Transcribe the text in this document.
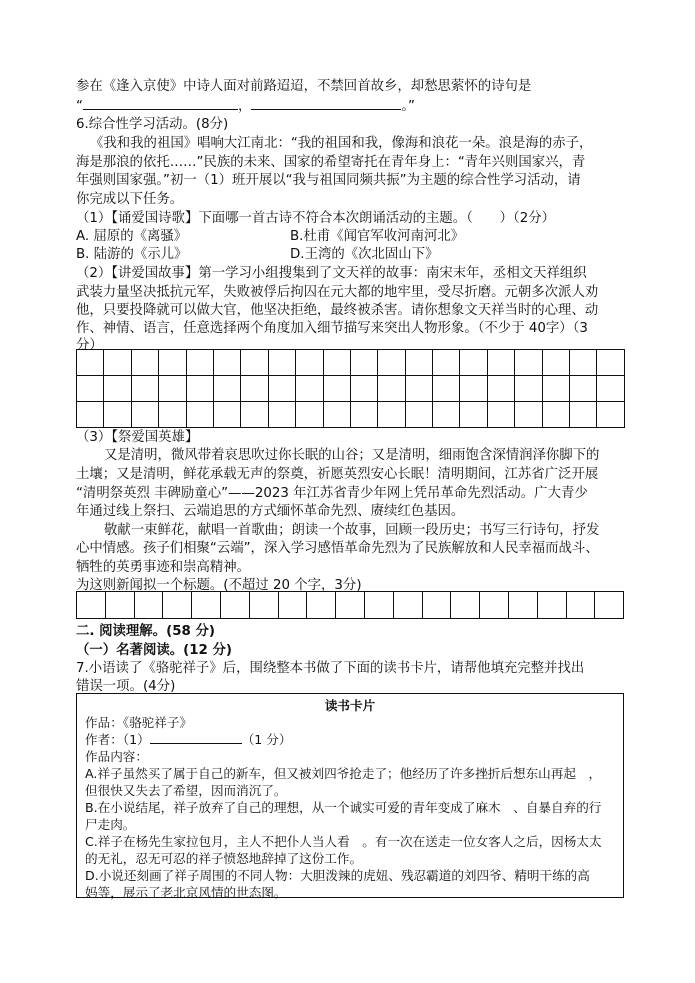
参在《逢入京使》中诗人面对前路迢迢，不禁回首故乡，却愁思萦怀的诗句是
“	，	。”
6.综合性学习活动。(8分)
《我和我的祖国》唱响大江南北：“我的祖国和我，像海和浪花一朵。浪是海的赤子，
海是那浪的依托……”民族的未来、国家的希望寄托在青年身上：“青年兴则国家兴，青
年强则国家强。”初一（1）班开展以“我与祖国同频共振”为主题的综合性学习活动，请
你完成以下任务。
（1）【诵爱国诗歌】下面哪一首古诗不符合本次朗诵活动的主题。（　　）（2分）
A. 屈原的《离骚》	B.杜甫《闻官军收河南河北》
B. 陆游的《示儿》	D.王湾的《次北固山下》
（2）【讲爱国故事】第一学习小组搜集到了文天祥的故事：南宋末年，丞相文天祥组织
武装力量坚决抵抗元军，失败被俘后拘囚在元大都的地牢里，受尽折磨。元朝多次派人劝
他，只要投降就可以做大官，他坚决拒绝，最终被杀害。请你想象文天祥当时的心理、动
作、神情、语言，任意选择两个角度加入细节描写来突出人物形象。（不少于 40字）（3
分）

（3）【祭爱国英雄】
又是清明，微风带着哀思吹过你长眠的山谷；又是清明，细雨饱含深情润泽你脚下的
土壤；又是清明，鲜花承载无声的祭奠，祈愿英烈安心长眠！清明期间，江苏省广泛开展
“清明祭英烈 丰碑励童心”——2023 年江苏省青少年网上凭吊革命先烈活动。广大青少
年通过线上祭扫、云端追思的方式缅怀革命先烈、赓续红色基因。
敬献一束鲜花，献唱一首歌曲；朗读一个故事，回顾一段历史；书写三行诗句，抒发
心中情感。孩子们相聚“云端”，深入学习感悟革命先烈为了民族解放和人民幸福而战斗、
牺牲的英勇事迹和崇高精神。
为这则新闻拟一个标题。(不超过 20 个字，3分)

二. 阅读理解。(58 分)
（一）名著阅读。(12 分)
7.小语读了《骆驼祥子》后，围绕整本书做了下面的读书卡片，请帮他填充完整并找出
错误一项。(4分)
读书卡片
作品：《骆驼祥子》
作者：（1）	（1 分）
作品内容：
A.祥子虽然买了属于自己的新车，但又被刘四爷抢走了；他经历了许多挫折后想东山再起　，
但很快又失去了希望，因而消沉了。
B.在小说结尾，祥子放弃了自己的理想，从一个诚实可爱的青年变成了麻木　、自暴自弃的行
尸走肉。
C.祥子在杨先生家拉包月，主人不把仆人当人看　。有一次在送走一位女客人之后，因杨太太
的无礼，忍无可忍的祥子愤怒地辞掉了这份工作。
D.小说还刻画了祥子周围的不同人物：大胆泼辣的虎妞、残忍霸道的刘四爷、精明干练的高
妈等，展示了老北京风情的世态图。
